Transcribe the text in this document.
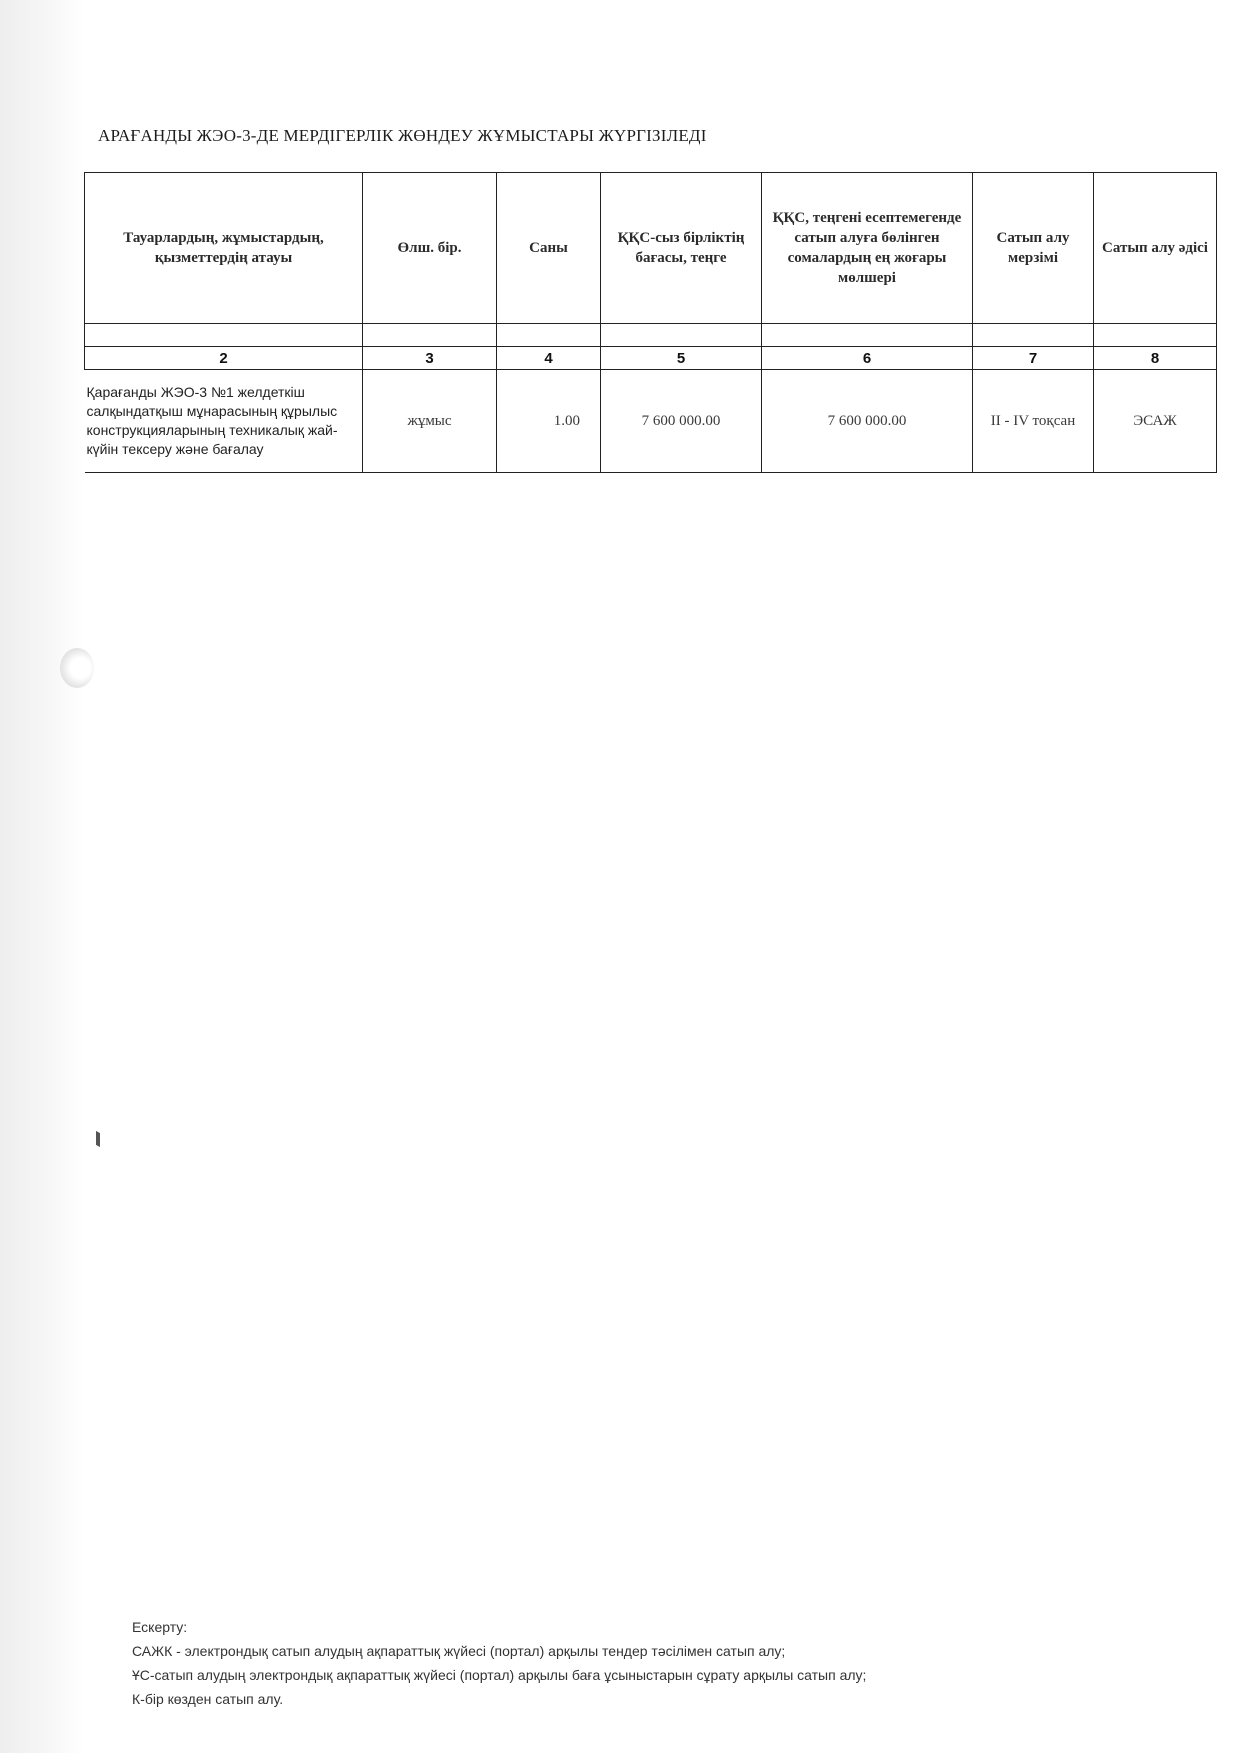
АРАҒАНДЫ ЖЭО-3-ДЕ МЕРДІГЕРЛІК ЖӨНДЕУ ЖҰМЫСТАРЫ ЖҮРГІЗІЛЕДІ
Тауарлардың, жұмыстардың, қызметтердің атауы	Өлш. бір.	Саны	ҚҚС-сыз бірліктің бағасы, теңге	ҚҚС, теңгені есептемегенде сатып алуға бөлінген сомалардың ең жоғары мөлшері	Сатып алу мерзімі	Сатып алу әдісі

2	3	4	5	6	7	8
Қарағанды ЖЭО-3 №1 желдеткіш салқындатқыш мұнарасының құрылыс конструкцияларының техникалық жай-күйін тексеру және бағалау	жұмыс	1.00	7 600 000.00	7 600 000.00	II - IV тоқсан	ЭСАЖ
Ескерту:
САЖК - электрондық сатып алудың ақпараттық жүйесі (портал) арқылы тендер тәсілімен сатып алу;
ҰС-сатып алудың электрондық ақпараттық жүйесі (портал) арқылы баға ұсыныстарын сұрату арқылы сатып алу;
К-бір көзден сатып алу.
